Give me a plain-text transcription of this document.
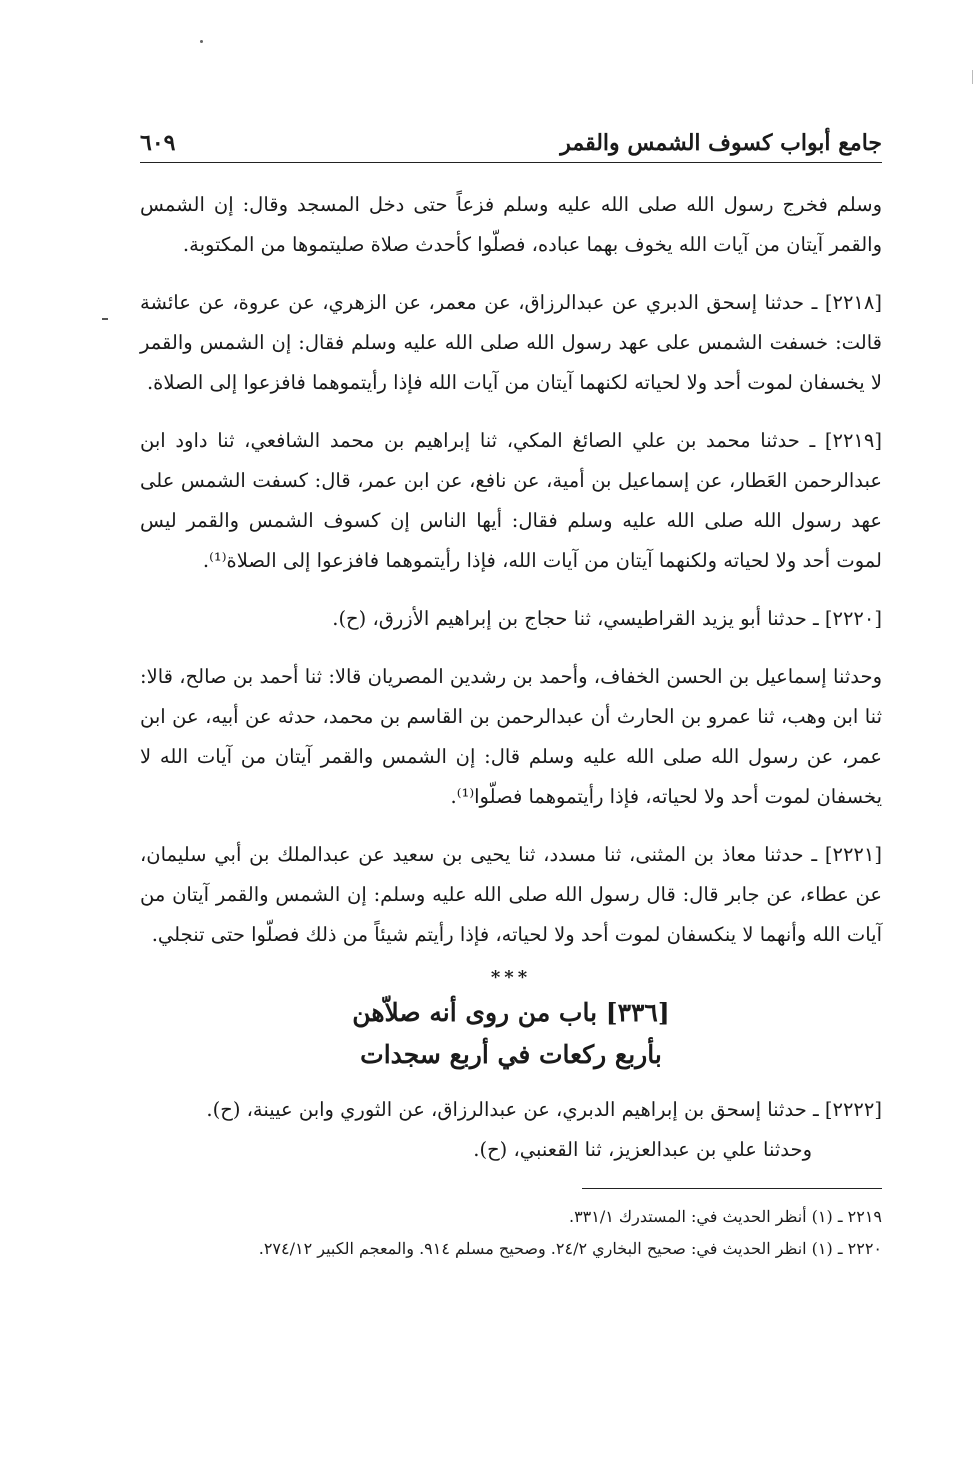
جامع أبواب كسوف الشمس والقمر
٦٠٩

وسلم فخرج رسول الله صلى الله عليه وسلم فزعاً حتى دخل المسجد وقال: إن الشمس والقمر آيتان من آيات الله يخوف بهما عباده، فصلّوا كأحدث صلاة صليتموها من المكتوبة.

[٢٢١٨] ـ حدثنا إسحق الدبري عن عبدالرزاق، عن معمر، عن الزهري، عن عروة، عن عائشة قالت: خسفت الشمس على عهد رسول الله صلى الله عليه وسلم فقال: إن الشمس والقمر لا يخسفان لموت أحد ولا لحياته لكنهما آيتان من آيات الله فإذا رأيتموهما فافزعوا إلى الصلاة.

[٢٢١٩] ـ حدثنا محمد بن علي الصائغ المكي، ثنا إبراهيم بن محمد الشافعي، ثنا داود ابن عبدالرحمن العَطار، عن إسماعيل بن أمية، عن نافع، عن ابن عمر، قال: كسفت الشمس على عهد رسول الله صلى الله عليه وسلم فقال: أيها الناس إن كسوف الشمس والقمر ليس لموت أحد ولا لحياته ولكنهما آيتان من آيات الله، فإذا رأيتموهما فافزعوا إلى الصلاة⁽¹⁾.

[٢٢٢٠] ـ حدثنا أبو يزيد القراطيسي، ثنا حجاج بن إبراهيم الأزرق، (ح).

وحدثنا إسماعيل بن الحسن الخفاف، وأحمد بن رشدين المصريان قالا: ثنا أحمد بن صالح، قالا: ثنا ابن وهب، ثنا عمرو بن الحارث أن عبدالرحمن بن القاسم بن محمد، حدثه عن أبيه، عن ابن عمر، عن رسول الله صلى الله عليه وسلم قال: إن الشمس والقمر آيتان من آيات الله لا يخسفان لموت أحد ولا لحياته، فإذا رأيتموهما فصلّوا⁽¹⁾.

[٢٢٢١] ـ حدثنا معاذ بن المثنى، ثنا مسدد، ثنا يحيى بن سعيد عن عبدالملك بن أبي سليمان، عن عطاء، عن جابر قال: قال رسول الله صلى الله عليه وسلم: إن الشمس والقمر آيتان من آيات الله وأنهما لا ينكسفان لموت أحد ولا لحياته، فإذا رأيتم شيئاً من ذلك فصلّوا حتى تنجلي.

***
[٣٣٦] باب من روى أنه صلاّهن
بأربع ركعات في أربع سجدات

[٢٢٢٢] ـ حدثنا إسحق بن إبراهيم الدبري، عن عبدالرزاق، عن الثوري وابن عيينة، (ح).

وحدثنا علي بن عبدالعزيز، ثنا القعنبي، (ح).

٢٢١٩ ـ (١) أنظر الحديث في: المستدرك ٣٣١/١.

٢٢٢٠ ـ (١) انظر الحديث في: صحيح البخاري ٢٤/٢. وصحيح مسلم ٩١٤. والمعجم الكبير ٢٧٤/١٢.
